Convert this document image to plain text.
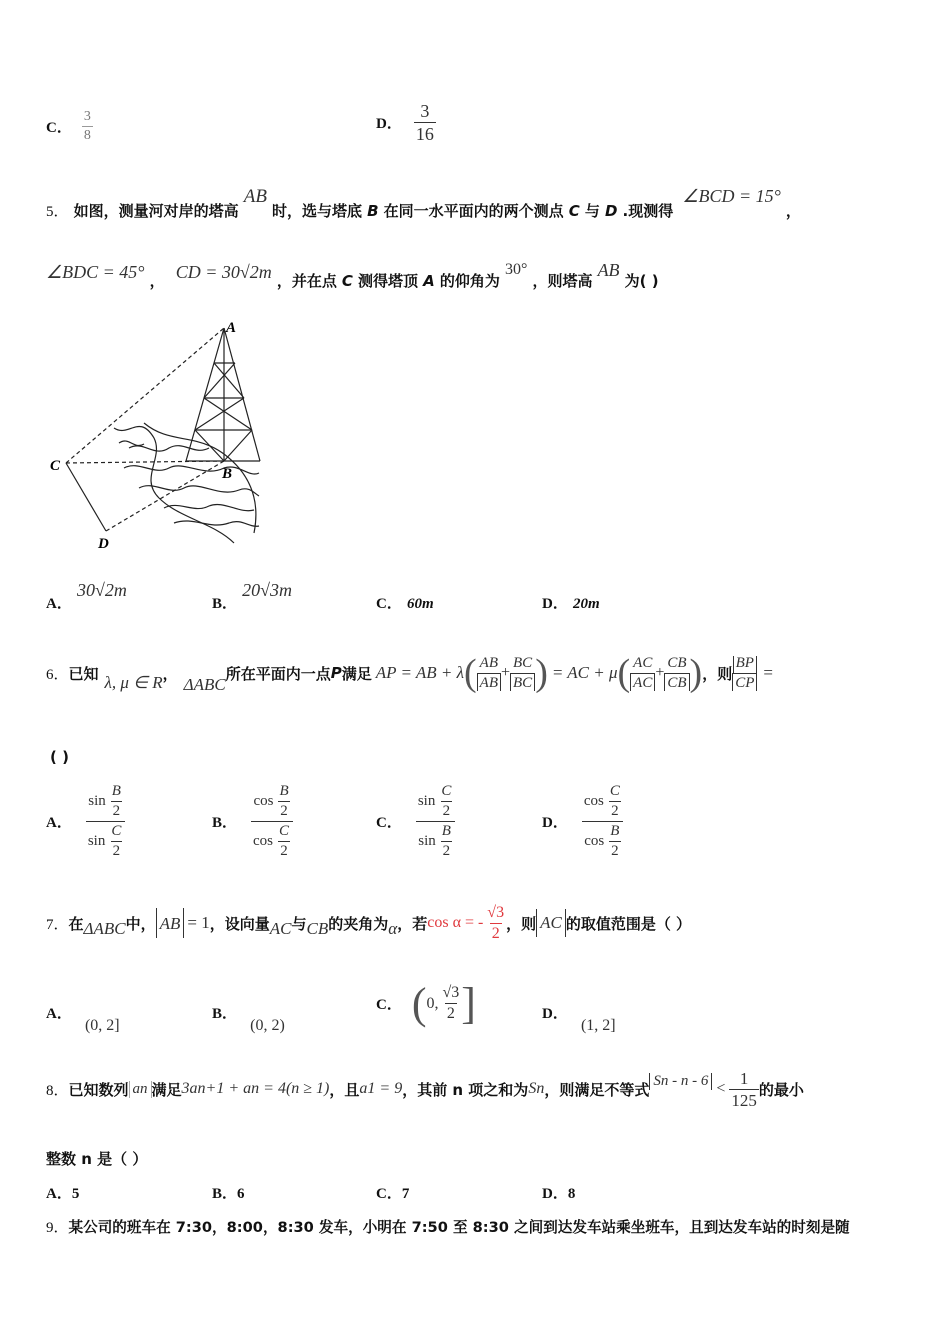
C． $\frac{3}{8}$	D． $\frac{3}{16}$
5． 如图，测量河对岸的塔高 AB 时，选与塔底 B 在同一水平面内的两个测点 C 与 D .现测得 ∠BCD = 15° ，
∠BDC = 45° ， CD = 30√2m ，并在点 C 测得塔顶 A 的仰角为 30° ，则塔高 AB 为( )
A
B
C
D
A． 30√2m
B． 20√3m
C． 60m	D． 20m
6． 已知 λ, μ ∈ R ，
ΔABC
所在平面内一点 P 满足 AP = AB + λ ( $\frac{AB}{AB} + \frac{BC}{BC}$ ) = AC + μ ( $\frac{AC}{AC} + \frac{CB}{CB}$ ) ，则 $\frac{BP}{CP}$ =
( )
A． $\frac{\sin \frac{B}{2}}{\sin \frac{C}{2}}$	B． $\frac{\cos \frac{B}{2}}{\cos \frac{C}{2}}$	C． $\frac{\sin \frac{C}{2}}{\sin \frac{B}{2}}$	D． $\frac{\cos \frac{C}{2}}{\cos \frac{B}{2}}$
7． 在 ΔABC 中， AB = 1 ，设向量 AC 与 CB 的夹角为 α ，若 cos α = - $\frac{√3}{2}$ ，则 AC 的取值范围是（ ）
A． (0, 2]
B． (0, 2)
C． ( 0, $\frac{√3}{2}$ ]	D． (1, 2]
8． 已知数列 an 满足 3an+1 + an = 4(n ≥ 1) ，且 a1 = 9 ，其前 n 项之和为 Sn ，则满足不等式 $Sn - n - 6 < \frac{1}{125}$ 的最小
整数 n 是（ ）
A．5	B．6	C．7	D．8
9．某公司的班车在 7:30，8:00，8:30 发车，小明在 7:50 至 8:30 之间到达发车站乘坐班车，且到达发车站的时刻是随
